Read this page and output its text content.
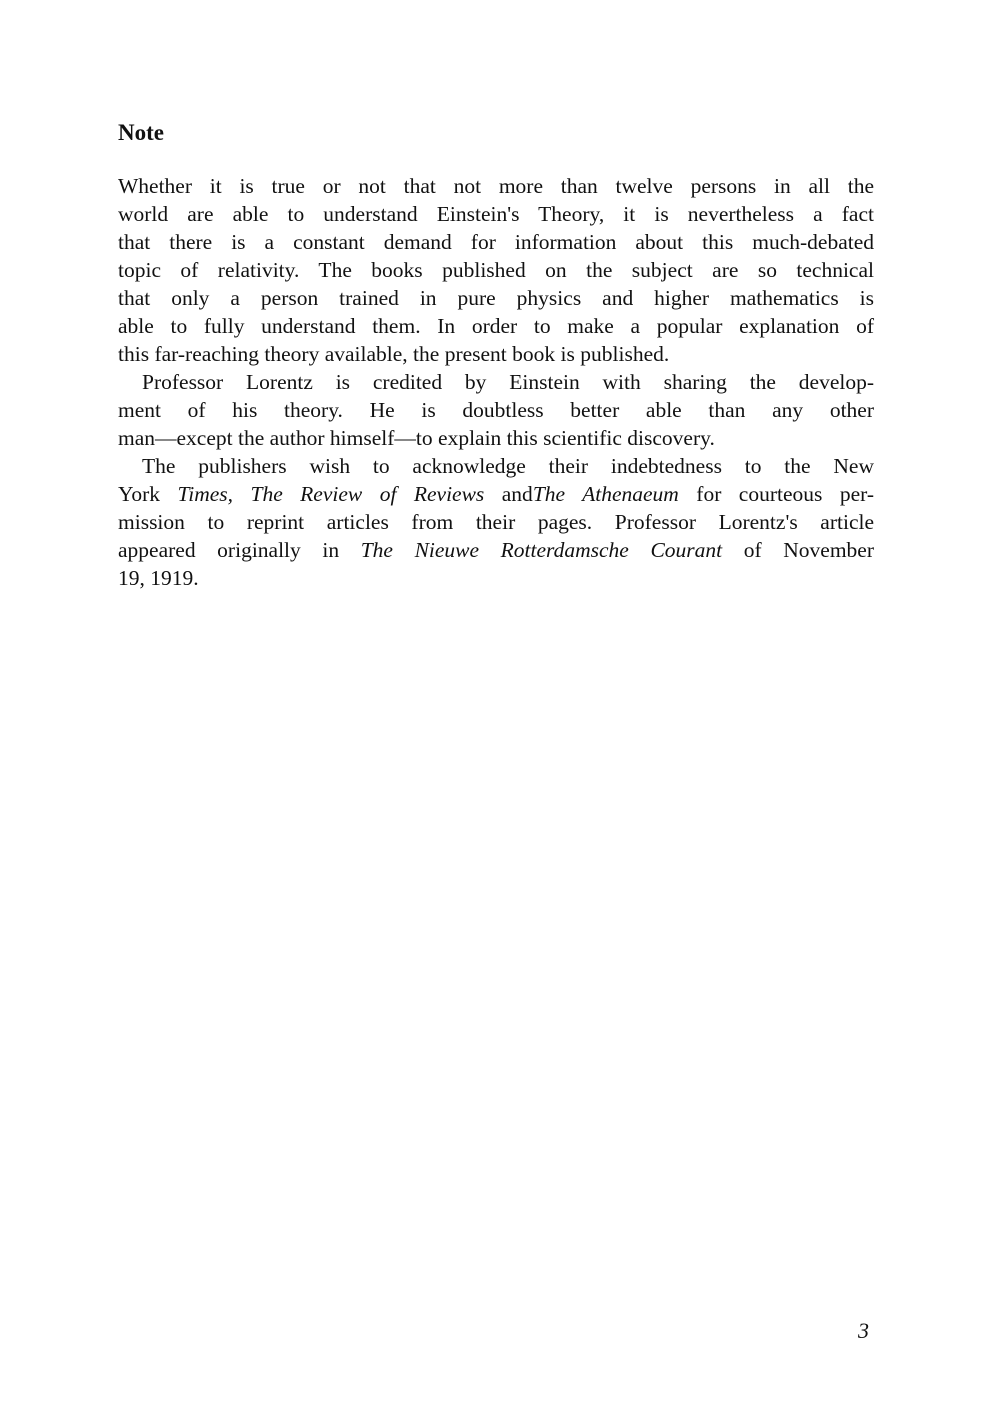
Note
Whether it is true or not that not more than twelve persons in all the
world are able to understand Einstein's Theory, it is nevertheless a fact
that there is a constant demand for information about this much-debated
topic of relativity. The books published on the subject are so technical
that only a person trained in pure physics and higher mathematics is
able to fully understand them. In order to make a popular explanation of
this far-reaching theory available, the present book is published.
Professor Lorentz is credited by Einstein with sharing the develop-
ment of his theory. He is doubtless better able than any other
man—except the author himself—to explain this scientific discovery.
The publishers wish to acknowledge their indebtedness to the New
York Times, The Review of Reviews andThe Athenaeum for courteous per-
mission to reprint articles from their pages. Professor Lorentz's article
appeared originally in The Nieuwe Rotterdamsche Courant of November
19, 1919.
3
